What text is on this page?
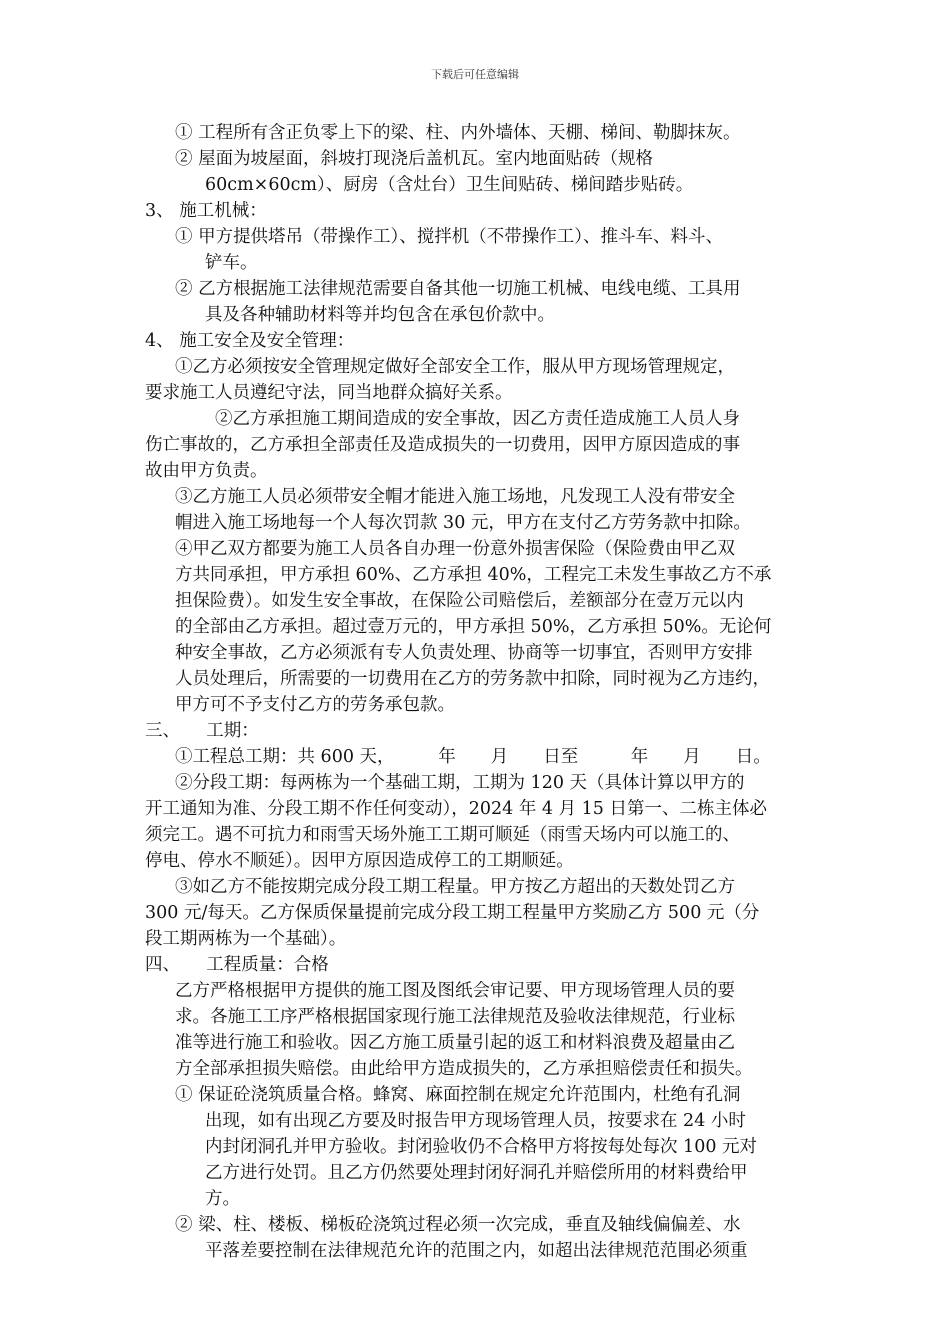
下载后可任意编辑
① 工程所有含正负零上下的梁、柱、内外墙体、天棚、梯间、勒脚抹灰。
② 屋面为坡屋面，斜坡打现浇后盖机瓦。室内地面贴砖（规格
60cm×60cm）、厨房（含灶台）卫生间贴砖、梯间踏步贴砖。
3、 施工机械：
① 甲方提供塔吊（带操作工）、搅拌机（不带操作工）、推斗车、料斗、
铲车。
② 乙方根据施工法律规范需要自备其他一切施工机械、电线电缆、工具用
具及各种辅助材料等并均包含在承包价款中。
4、 施工安全及安全管理：
①乙方必须按安全管理规定做好全部安全工作，服从甲方现场管理规定，
要求施工人员遵纪守法，同当地群众搞好关系。
②乙方承担施工期间造成的安全事故，因乙方责任造成施工人员人身
伤亡事故的，乙方承担全部责任及造成损失的一切费用，因甲方原因造成的事
故由甲方负责。
③乙方施工人员必须带安全帽才能进入施工场地，凡发现工人没有带安全
帽进入施工场地每一个人每次罚款 30 元，甲方在支付乙方劳务款中扣除。
④甲乙双方都要为施工人员各自办理一份意外损害保险（保险费由甲乙双
方共同承担，甲方承担 60%、乙方承担 40%，工程完工未发生事故乙方不承
担保险费）。如发生安全事故，在保险公司赔偿后，差额部分在壹万元以内
的全部由乙方承担。超过壹万元的，甲方承担 50%，乙方承担 50%。无论何
种安全事故，乙方必须派有专人负责处理、协商等一切事宜，否则甲方安排
人员处理后，所需要的一切费用在乙方的劳务款中扣除，同时视为乙方违约，
甲方可不予支付乙方的劳务承包款。
三、　　工期：
①工程总工期：共 600 天，　　　年　　月　　日至　　　年　　月　　日。
②分段工期：每两栋为一个基础工期，工期为 120 天（具体计算以甲方的
开工通知为准、分段工期不作任何变动），2024 年 4 月 15 日第一、二栋主体必
须完工。遇不可抗力和雨雪天场外施工工期可顺延（雨雪天场内可以施工的、
停电、停水不顺延）。因甲方原因造成停工的工期顺延。
③如乙方不能按期完成分段工期工程量。甲方按乙方超出的天数处罚乙方
300 元/每天。乙方保质保量提前完成分段工期工程量甲方奖励乙方 500 元（分
段工期两栋为一个基础）。
四、　　工程质量：合格
乙方严格根据甲方提供的施工图及图纸会审记要、甲方现场管理人员的要
求。各施工工序严格根据国家现行施工法律规范及验收法律规范，行业标
准等进行施工和验收。因乙方施工质量引起的返工和材料浪费及超量由乙
方全部承担损失赔偿。由此给甲方造成损失的，乙方承担赔偿责任和损失。
① 保证砼浇筑质量合格。蜂窝、麻面控制在规定允许范围内，杜绝有孔洞
出现，如有出现乙方要及时报告甲方现场管理人员，按要求在 24 小时
内封闭洞孔并甲方验收。封闭验收仍不合格甲方将按每处每次 100 元对
乙方进行处罚。且乙方仍然要处理封闭好洞孔并赔偿所用的材料费给甲
方。
② 梁、柱、楼板、梯板砼浇筑过程必须一次完成，垂直及轴线偏偏差、水
平落差要控制在法律规范允许的范围之内，如超出法律规范范围必须重
